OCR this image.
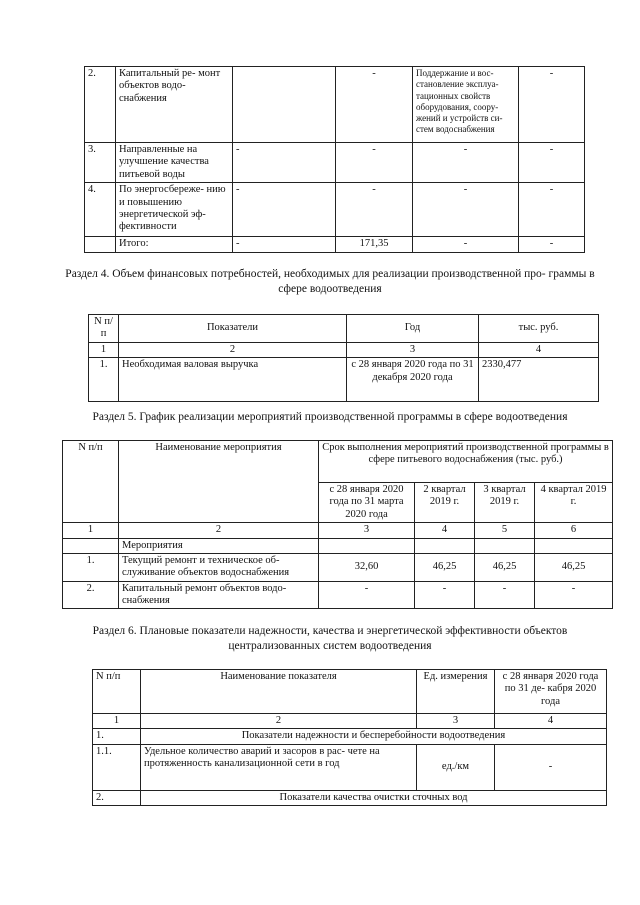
2.	Капитальный ре- монт объектов водо- снабжения		-	Поддержание и вос- становление эксплуа- тационных свойств оборудования, соору- жений и устройств си- стем водоснабжения	-
3.	Направленные на улучшение качества питьевой воды	-	-	-	-
4.	По энергосбереже- нию и повышению энергетической эф- фективности	-	-	-	-
	Итого:	-	171,35	-	-
Раздел 4. Объем финансовых потребностей, необходимых для реализации производственной про- граммы в сфере водоотведения
N п/п	Показатели	Год	тыс. руб.
1	2	3	4
1.	Необходимая валовая выручка	с 28 января 2020 года по 31 декабря 2020 года	2330,477
Раздел 5. График реализации мероприятий производственной программы в сфере водоотведения
N п/п	Наименование мероприятия	Срок выполнения мероприятий производственной программы в сфере питьевого водоснабжения (тыс. руб.)			
		с 28 января 2020 года по 31 марта 2020 года	2 квартал 2019 г.	3 квартал 2019 г.	4 квартал 2019 г.
1	2	3	4	5	6
	Мероприятия				
1.	Текущий ремонт и техническое об- служивание объектов водоснабжения	32,60	46,25	46,25	46,25
2.	Капитальный ремонт объектов водо- снабжения	-	-	-	-
Раздел 6. Плановые показатели надежности, качества и энергетической эффективности объектов централизованных систем водоотведения
N п/п	Наименование показателя	Ед. измерения	с 28 января 2020 года по 31 де- кабря 2020 года
1	2	3	4
1.	Показатели надежности и бесперебойности водоотведения		
1.1.	Удельное количество аварий и засоров в рас- чете на протяженность канализационной сети в год	ед./км	-
2.	Показатели качества очистки сточных вод		
